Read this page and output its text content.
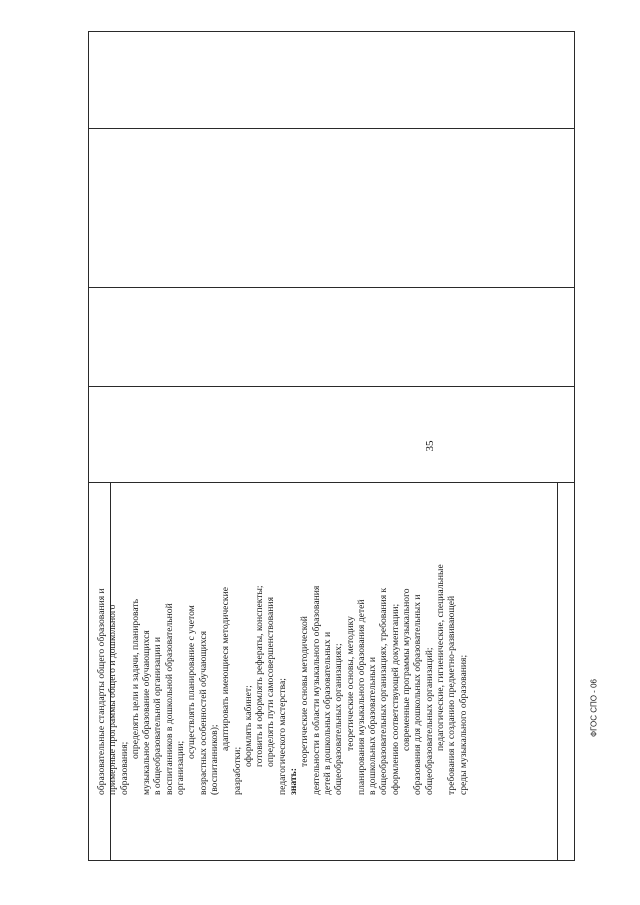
35
ФГОС СПО - 06

образовательные стандарты общего образования и примерные программы общего и дошкольного образования;

определять цели и задачи, планировать музыкальное образование обучающихся в общеобразовательной организации и воспитанников в дошкольной образовательной организации;

осуществлять планирование с учетом возрастных особенностей обучающихся (воспитанников);

адаптировать имеющиеся методические

разработки;

оформлять кабинет; готовить и оформлять рефераты, конспекты; определять пути самосовершенствования педагогического мастерства; знать:

теоретические основы методической деятельности в области музыкального образования детей в дошкольных образовательных и общеобразовательных организациях; теоретические основы, методику планирования музыкального образования детей в дошкольных образовательных и общеобразовательных организациях, требования к оформлению соответствующей документации; современные программы музыкального образования для дошкольных образовательных и общеобразовательных организаций; педагогические, гигиенические, специальные требования к созданию предметно-развивающей среды музыкального образования;
